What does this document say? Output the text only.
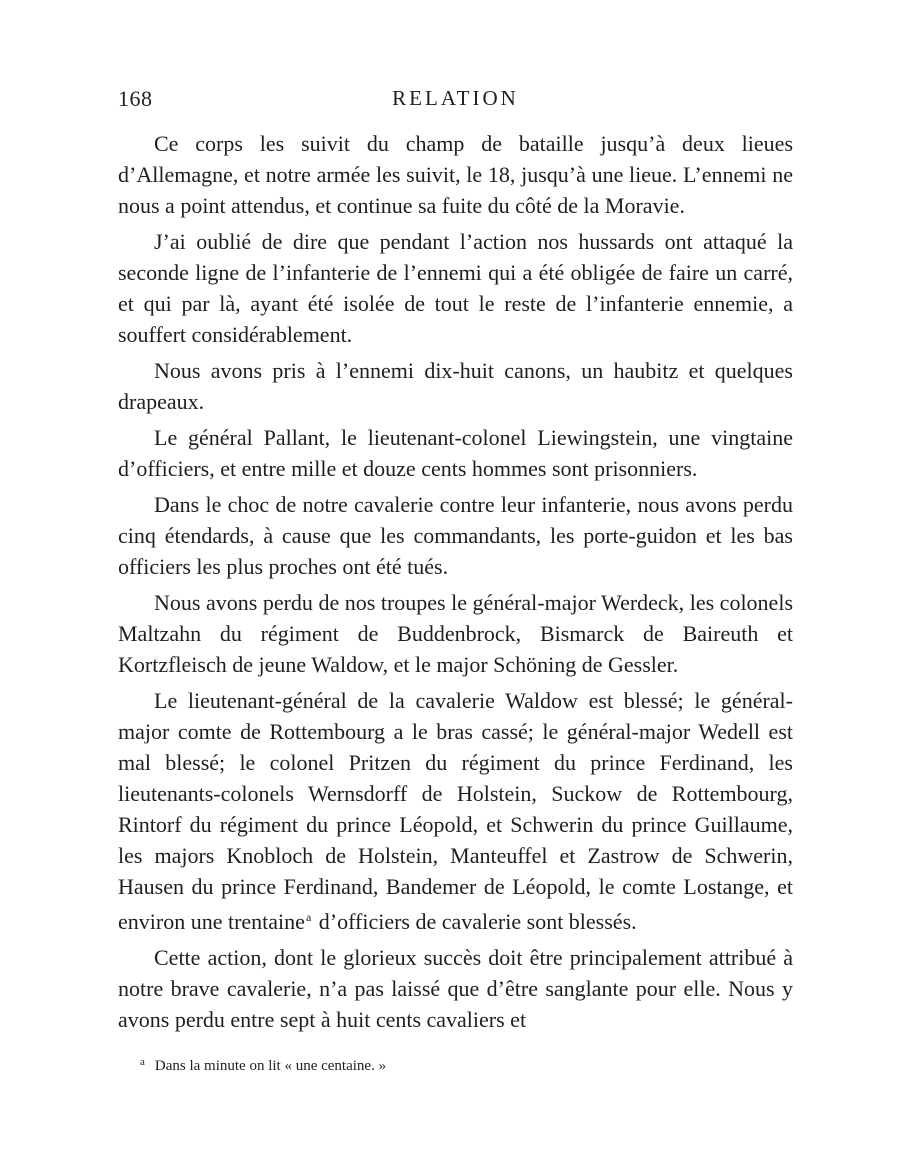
168	RELATION

Ce corps les suivit du champ de bataille jusqu’à deux lieues d’Allemagne, et notre armée les suivit, le 18, jusqu’à une lieue. L’ennemi ne nous a point attendus, et continue sa fuite du côté de la Moravie.

J’ai oublié de dire que pendant l’action nos hussards ont attaqué la seconde ligne de l’infanterie de l’ennemi qui a été obligée de faire un carré, et qui par là, ayant été isolée de tout le reste de l’infanterie ennemie, a souffert considérablement.

Nous avons pris à l’ennemi dix-huit canons, un haubitz et quelques drapeaux.

Le général Pallant, le lieutenant-colonel Liewingstein, une vingtaine d’officiers, et entre mille et douze cents hommes sont prisonniers.

Dans le choc de notre cavalerie contre leur infanterie, nous avons perdu cinq étendards, à cause que les commandants, les porte-guidon et les bas officiers les plus proches ont été tués.

Nous avons perdu de nos troupes le général-major Werdeck, les colonels Maltzahn du régiment de Buddenbrock, Bismarck de Baireuth et Kortzfleisch de jeune Waldow, et le major Schöning de Gessler.

Le lieutenant-général de la cavalerie Waldow est blessé; le général-major comte de Rottembourg a le bras cassé; le général-major Wedell est mal blessé; le colonel Pritzen du régiment du prince Ferdinand, les lieutenants-colonels Wernsdorff de Holstein, Suckow de Rottembourg, Rintorf du régiment du prince Léopold, et Schwerin du prince Guillaume, les majors Knobloch de Holstein, Manteuffel et Zastrow de Schwerin, Hausen du prince Ferdinand, Bandemer de Léopold, le comte Lostange, et environ une trentaine$^a$ d’officiers de cavalerie sont blessés.

Cette action, dont le glorieux succès doit être principalement attribué à notre brave cavalerie, n’a pas laissé que d’être sanglante pour elle. Nous y avons perdu entre sept à huit cents cavaliers et

$^a$ Dans la minute on lit « une centaine. »
